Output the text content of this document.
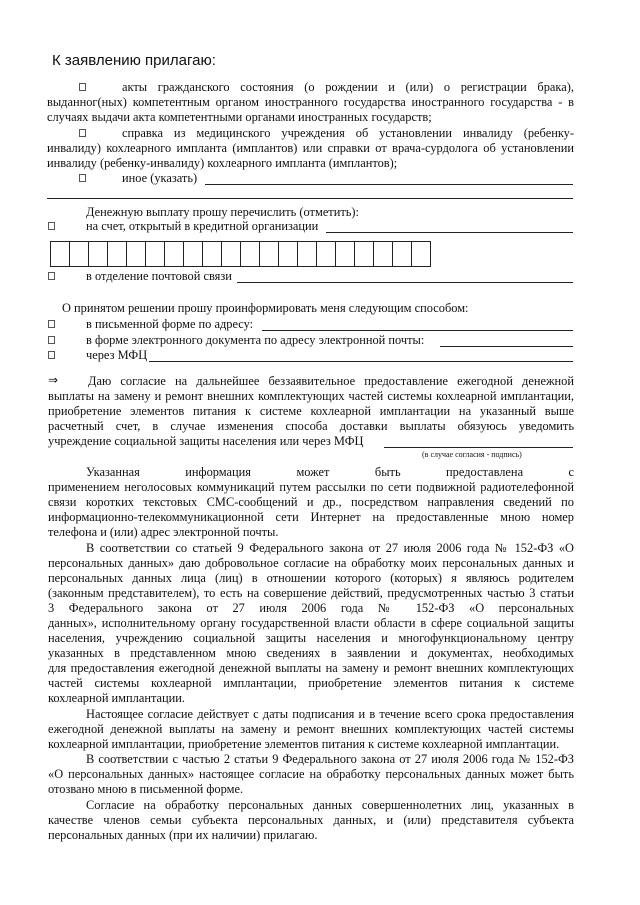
К заявлению прилагаю:
акты гражданского состояния (о рождении и (или) о регистрации брака),
выданног(ных) компетентным органом иностранного государства иностранного государства - в
случаях выдачи акта компетентными органами иностранных государств;
справка из медицинского учреждения об установлении инвалиду (ребенку-
инвалиду) кохлеарного импланта (имплантов) или справки от врача-сурдолога об установлении
инвалиду (ребенку-инвалиду) кохлеарного импланта (имплантов);
иное (указать)
Денежную выплату прошу перечислить (отметить):
на счет, открытый в кредитной организации
в отделение почтовой связи
О принятом решении прошу проинформировать меня следующим способом:
в письменной форме по адресу:
в форме электронного документа по адресу электронной почты:
через МФЦ
⇒ Даю согласие на дальнейшее беззаявительное предоставление ежегодной денежной
выплаты на замену и ремонт внешних комплектующих частей системы кохлеарной имплантации,
приобретение элементов питания к системе кохлеарной имплантации на указанный выше
расчетный счет, в случае изменения способа доставки выплаты обязуюсь уведомить
учреждение социальной защиты населения или через МФЦ
(в случае согласия - подпись)
Указанная	информация	может	быть	предоставлена	с
применением неголосовых коммуникаций путем рассылки по сети подвижной радиотелефонной
связи коротких текстовых СМС-сообщений и др., посредством направления сведений по
информационно-телекоммуникационной сети Интернет на предоставленные мною номер
телефона и (или) адрес электронной почты.
В соответствии со статьей 9 Федерального закона от 27 июля 2006 года № 152-ФЗ «О
персональных данных» даю добровольное согласие на обработку моих персональных данных и
персональных данных лица (лиц) в отношении которого (которых) я являюсь родителем
(законным представителем), то есть на совершение действий, предусмотренных частью 3 статьи
3 Федерального закона от 27 июля 2006 года № 152-ФЗ «О персональных
данных», исполнительному органу государственной власти области в сфере социальной защиты
населения, учреждению социальной защиты населения и многофункциональному центру
указанных в представленном мною сведениях в заявлении и документах, необходимых
для предоставления ежегодной денежной выплаты на замену и ремонт внешних комплектующих
частей системы кохлеарной имплантации, приобретение элементов питания к системе
кохлеарной имплантации.
Настоящее согласие действует с даты подписания и в течение всего срока предоставления
ежегодной денежной выплаты на замену и ремонт внешних комплектующих частей системы
кохлеарной имплантации, приобретение элементов питания к системе кохлеарной имплантации.
В соответствии с частью 2 статьи 9 Федерального закона от 27 июля 2006 года № 152-ФЗ
«О персональных данных» настоящее согласие на обработку персональных данных может быть
отозвано мною в письменной форме.
Согласие на обработку персональных данных совершеннолетних лиц, указанных в
качестве членов семьи субъекта персональных данных, и (или) представителя субъекта
персональных данных (при их наличии) прилагаю.
